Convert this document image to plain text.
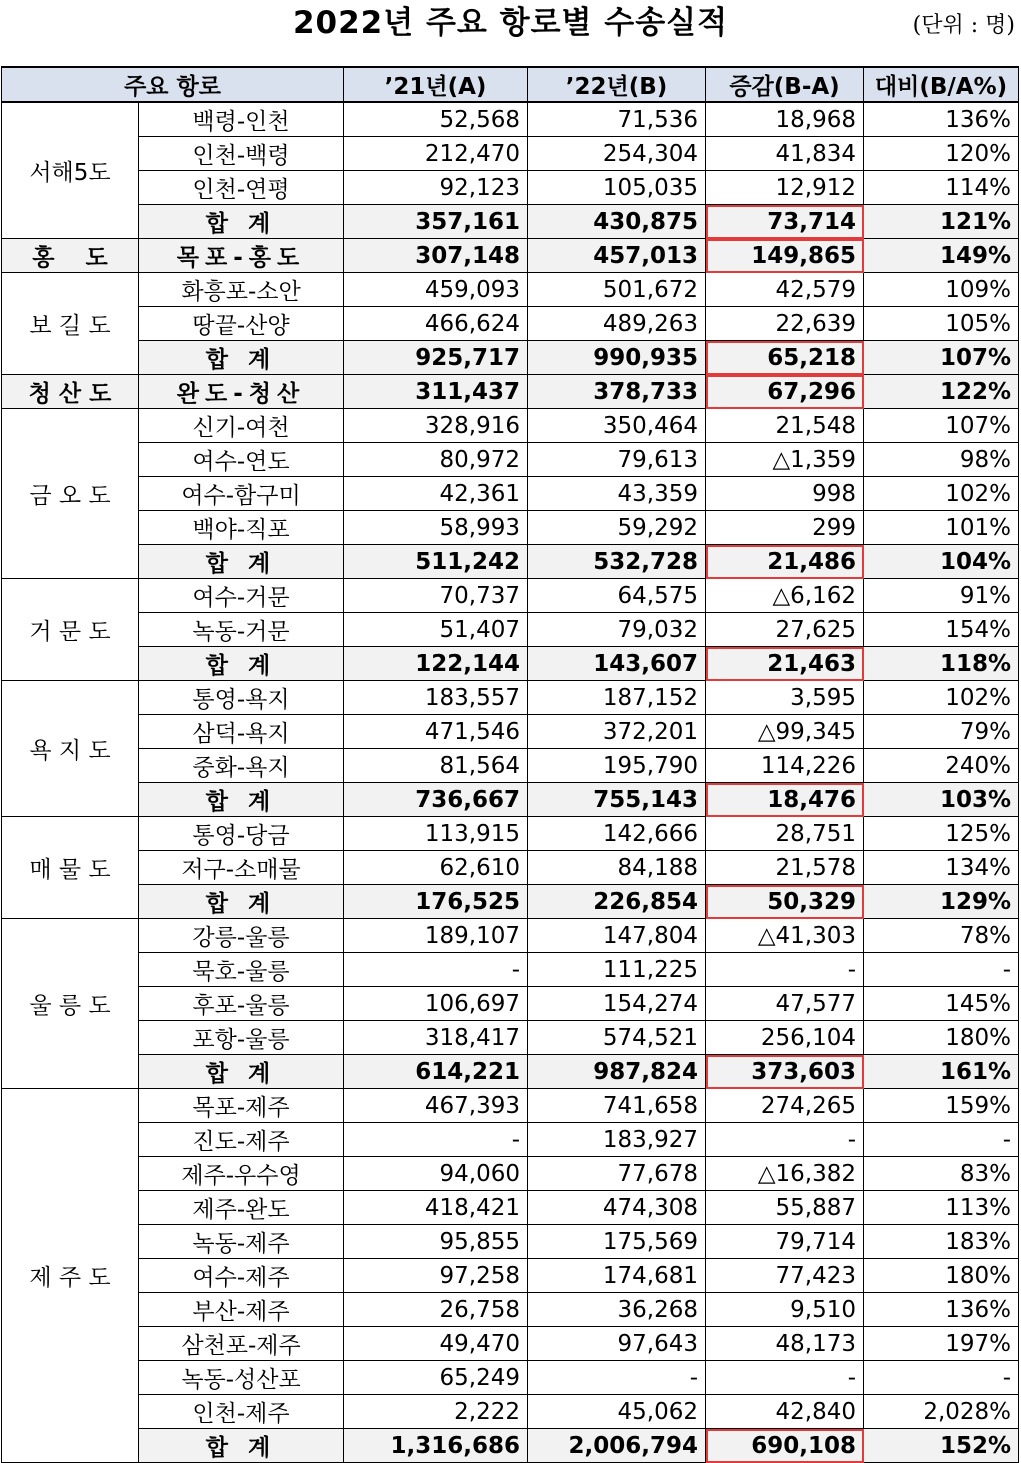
2022년 주요 항로별 수송실적	(단위 : 명)
주요 항로		’21년(A)	’22년(B)	증감(B-A)	대비(B/A%)
서해5도	백령-인천	52,568	71,536	18,968	136%
	인천-백령	212,470	254,304	41,834	120%
	인천-연평	92,123	105,035	12,912	114%
	합 계	357,161	430,875	73,714	121%
홍　 도	목포-홍도	307,148	457,013	149,865	149%
보 길 도	화흥포-소안	459,093	501,672	42,579	109%
	땅끝-산양	466,624	489,263	22,639	105%
	합 계	925,717	990,935	65,218	107%
청 산 도	완도-청산	311,437	378,733	67,296	122%
금 오 도	신기-여천	328,916	350,464	21,548	107%
	여수-연도	80,972	79,613	△1,359	98%
	여수-함구미	42,361	43,359	998	102%
	백야-직포	58,993	59,292	299	101%
	합 계	511,242	532,728	21,486	104%
거 문 도	여수-거문	70,737	64,575	△6,162	91%
	녹동-거문	51,407	79,032	27,625	154%
	합 계	122,144	143,607	21,463	118%
욕 지 도	통영-욕지	183,557	187,152	3,595	102%
	삼덕-욕지	471,546	372,201	△99,345	79%
	중화-욕지	81,564	195,790	114,226	240%
	합 계	736,667	755,143	18,476	103%
매 물 도	통영-당금	113,915	142,666	28,751	125%
	저구-소매물	62,610	84,188	21,578	134%
	합 계	176,525	226,854	50,329	129%
울 릉 도	강릉-울릉	189,107	147,804	△41,303	78%
	묵호-울릉	-	111,225	-	-
	후포-울릉	106,697	154,274	47,577	145%
	포항-울릉	318,417	574,521	256,104	180%
	합 계	614,221	987,824	373,603	161%
제 주 도	목포-제주	467,393	741,658	274,265	159%
	진도-제주	-	183,927	-	-
	제주-우수영	94,060	77,678	△16,382	83%
	제주-완도	418,421	474,308	55,887	113%
	녹동-제주	95,855	175,569	79,714	183%
	여수-제주	97,258	174,681	77,423	180%
	부산-제주	26,758	36,268	9,510	136%
	삼천포-제주	49,470	97,643	48,173	197%
	녹동-성산포	65,249	-	-	-
	인천-제주	2,222	45,062	42,840	2,028%
	합 계	1,316,686	2,006,794	690,108	152%
